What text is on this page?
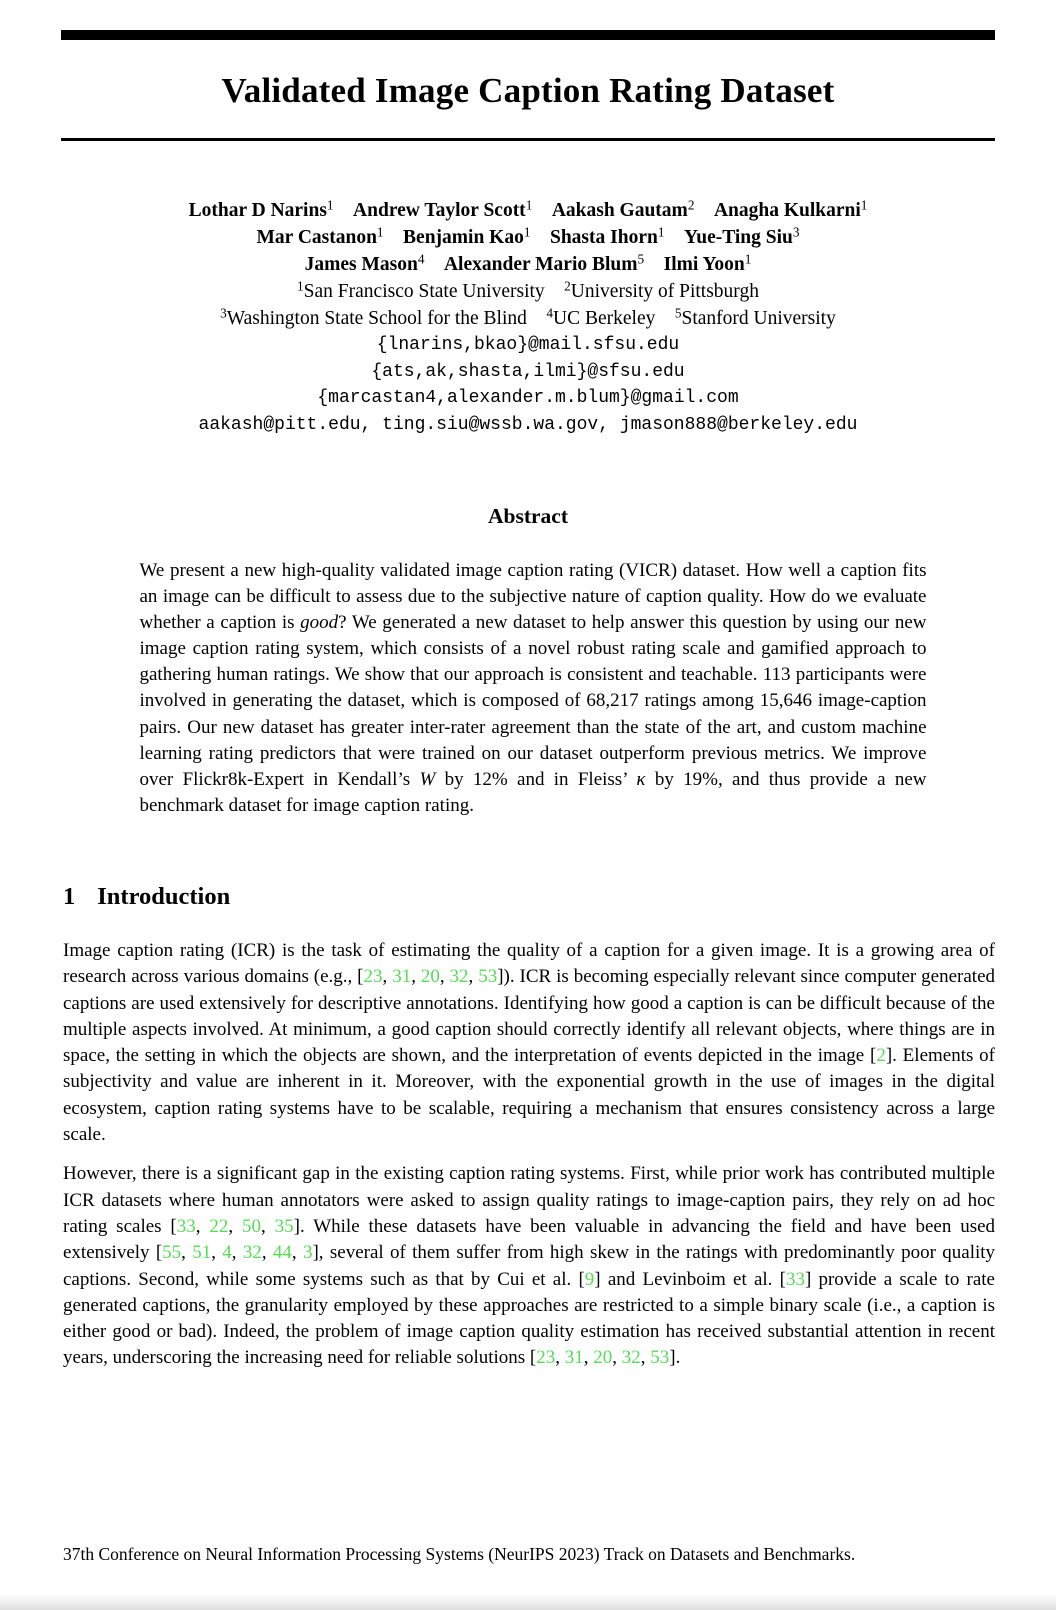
Validated Image Caption Rating Dataset
Lothar D Narins$^1$  Andrew Taylor Scott$^1$  Aakash Gautam$^2$  Anagha Kulkarni$^1$
Mar Castanon$^1$  Benjamin Kao$^1$  Shasta Ihorn$^1$  Yue-Ting Siu$^3$
James Mason$^4$  Alexander Mario Blum$^5$  Ilmi Yoon$^1$
$^1$San Francisco State University  $^2$University of Pittsburgh
$^3$Washington State School for the Blind  $^4$UC Berkeley  $^5$Stanford University
{lnarins,bkao}@mail.sfsu.edu
{ats,ak,shasta,ilmi}@sfsu.edu
{marcastan4,alexander.m.blum}@gmail.com
aakash@pitt.edu, ting.siu@wssb.wa.gov, jmason888@berkeley.edu
Abstract
We present a new high-quality validated image caption rating (VICR) dataset. How well a caption fits an image can be difficult to assess due to the subjective nature of caption quality. How do we evaluate whether a caption is good? We generated a new dataset to help answer this question by using our new image caption rating system, which consists of a novel robust rating scale and gamified approach to gathering human ratings. We show that our approach is consistent and teachable. 113 participants were involved in generating the dataset, which is composed of 68,217 ratings among 15,646 image-caption pairs. Our new dataset has greater inter-rater agreement than the state of the art, and custom machine learning rating predictors that were trained on our dataset outperform previous metrics. We improve over Flickr8k-Expert in Kendall’s W by 12% and in Fleiss’ κ by 19%, and thus provide a new benchmark dataset for image caption rating.
1 Introduction
Image caption rating (ICR) is the task of estimating the quality of a caption for a given image. It is a growing area of research across various domains (e.g., [23, 31, 20, 32, 53]). ICR is becoming especially relevant since computer generated captions are used extensively for descriptive annotations. Identifying how good a caption is can be difficult because of the multiple aspects involved. At minimum, a good caption should correctly identify all relevant objects, where things are in space, the setting in which the objects are shown, and the interpretation of events depicted in the image [2]. Elements of subjectivity and value are inherent in it. Moreover, with the exponential growth in the use of images in the digital ecosystem, caption rating systems have to be scalable, requiring a mechanism that ensures consistency across a large scale.
However, there is a significant gap in the existing caption rating systems. First, while prior work has contributed multiple ICR datasets where human annotators were asked to assign quality ratings to image-caption pairs, they rely on ad hoc rating scales [33, 22, 50, 35]. While these datasets have been valuable in advancing the field and have been used extensively [55, 51, 4, 32, 44, 3], several of them suffer from high skew in the ratings with predominantly poor quality captions. Second, while some systems such as that by Cui et al. [9] and Levinboim et al. [33] provide a scale to rate generated captions, the granularity employed by these approaches are restricted to a simple binary scale (i.e., a caption is either good or bad). Indeed, the problem of image caption quality estimation has received substantial attention in recent years, underscoring the increasing need for reliable solutions [23, 31, 20, 32, 53].
37th Conference on Neural Information Processing Systems (NeurIPS 2023) Track on Datasets and Benchmarks.
